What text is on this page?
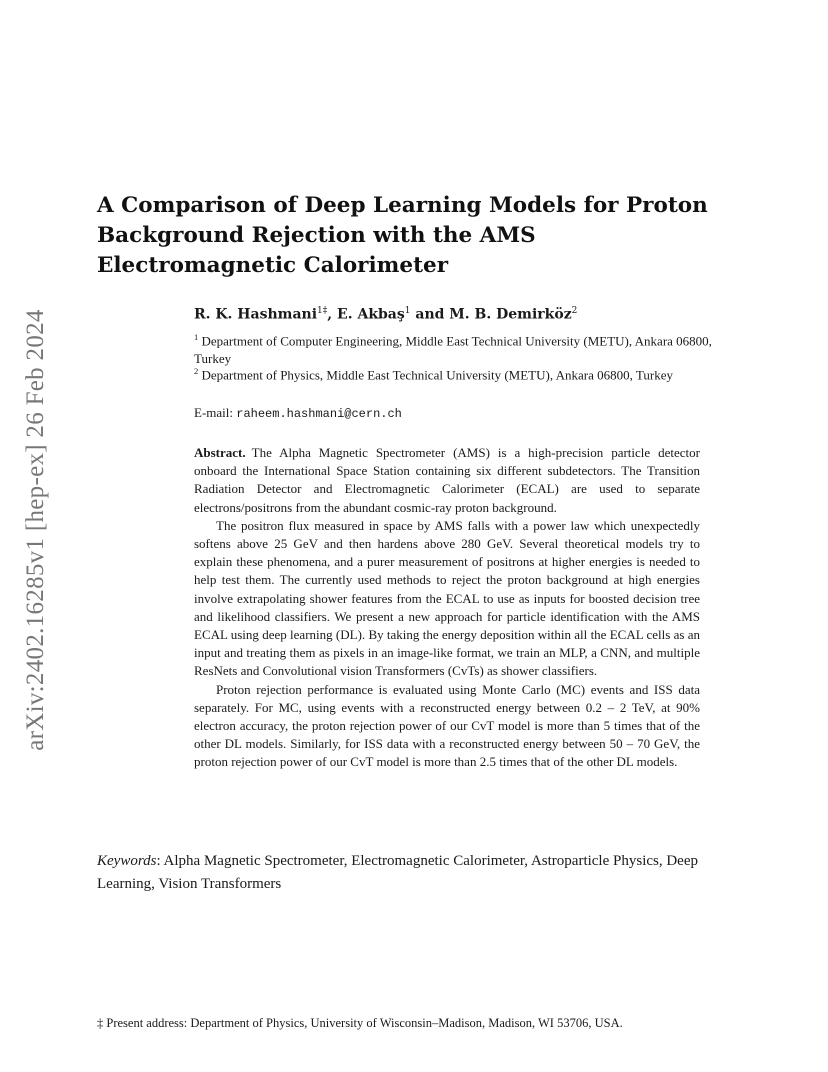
arXiv:2402.16285v1 [hep-ex] 26 Feb 2024
A Comparison of Deep Learning Models for Proton Background Rejection with the AMS Electromagnetic Calorimeter
R. K. Hashmani$^{1\ddagger}$, E. Akbaş$^1$ and M. B. Demirköz$^2$
$^1$ Department of Computer Engineering, Middle East Technical University (METU), Ankara 06800, Turkey
$^2$ Department of Physics, Middle East Technical University (METU), Ankara 06800, Turkey
E-mail: raheem.hashmani@cern.ch

Abstract. The Alpha Magnetic Spectrometer (AMS) is a high-precision particle detector onboard the International Space Station containing six different subdetectors. The Transition Radiation Detector and Electromagnetic Calorimeter (ECAL) are used to separate electrons/positrons from the abundant cosmic-ray proton background.

The positron flux measured in space by AMS falls with a power law which unexpectedly softens above 25 GeV and then hardens above 280 GeV. Several theoretical models try to explain these phenomena, and a purer measurement of positrons at higher energies is needed to help test them. The currently used methods to reject the proton background at high energies involve extrapolating shower features from the ECAL to use as inputs for boosted decision tree and likelihood classifiers. We present a new approach for particle identification with the AMS ECAL using deep learning (DL). By taking the energy deposition within all the ECAL cells as an input and treating them as pixels in an image-like format, we train an MLP, a CNN, and multiple ResNets and Convolutional vision Transformers (CvTs) as shower classifiers.

Proton rejection performance is evaluated using Monte Carlo (MC) events and ISS data separately. For MC, using events with a reconstructed energy between 0.2 – 2 TeV, at 90% electron accuracy, the proton rejection power of our CvT model is more than 5 times that of the other DL models. Similarly, for ISS data with a reconstructed energy between 50 – 70 GeV, the proton rejection power of our CvT model is more than 2.5 times that of the other DL models.

Keywords: Alpha Magnetic Spectrometer, Electromagnetic Calorimeter, Astroparticle Physics, Deep Learning, Vision Transformers
‡ Present address: Department of Physics, University of Wisconsin–Madison, Madison, WI 53706, USA.
